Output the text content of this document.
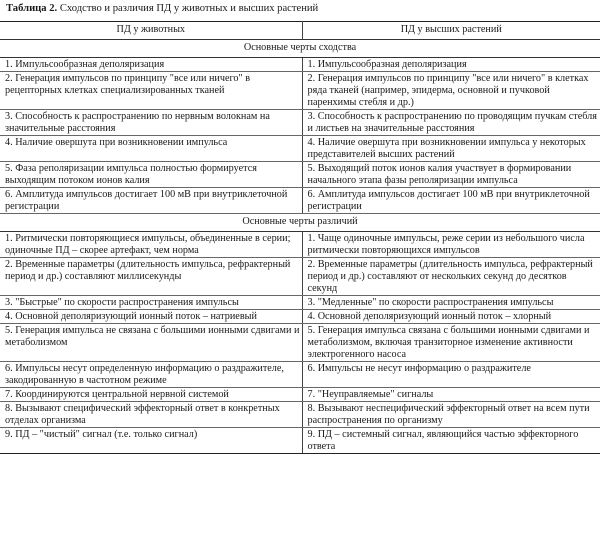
Таблица 2. Сходство и различия ПД у животных и высших растений
ПД у животных	ПД у высших растений
Основные черты сходства	
1. Импульсообразная деполяризация	1. Импульсообразная деполяризация
2. Генерация импульсов по принципу "все или ничего" в рецепторных клетках специализированных тканей	2. Генерация импульсов по принципу "все или ничего" в клетках ряда тканей (например, эпидерма, основной и пучковой паренхимы стебля и др.)
3. Способность к распространению по нервным волокнам на значительные расстояния	3. Способность к распространению по проводящим пучкам стебля и листьев на значительные расстояния
4. Наличие овершута при возникновении импульса	4. Наличие овершута при возникновении импульса у некоторых представителей высших растений
5. Фаза реполяризации импульса полностью формируется выходящим потоком ионов калия	5. Выходящий поток ионов калия участвует в формировании начального этапа фазы реполяризации импульса
6. Амплитуда импульсов достигает 100 мВ при внутриклеточной регистрации	6. Амплитуда импульсов достигает 100 мВ при внутриклеточной регистрации
Основные черты различий	
1. Ритмически повторяющиеся импульсы, объединенные в серии; одиночные ПД – скорее артефакт, чем норма	1. Чаще одиночные импульсы, реже серии из небольшого числа ритмически повторяющихся импульсов
2. Временные параметры (длительность импульса, рефрактерный период и др.) составляют миллисекунды	2. Временные параметры (длительность импульса, рефрактерный период и др.) составляют от нескольких секунд до десятков секунд
3. "Быстрые" по скорости распространения импульсы	3. "Медленные" по скорости распространения импульсы
4. Основной деполяризующий ионный поток – натриевый	4. Основной деполяризующий ионный поток – хлорный
5. Генерация импульса не связана с большими ионными сдвигами и метаболизмом	5. Генерация импульса связана с большими ионными сдвигами и метаболизмом, включая транзиторное изменение активности электрогенного насоса
6. Импульсы несут определенную информацию о раздражителе, закодированную в частотном режиме	6. Импульсы не несут информацию о раздражителе
7. Координируются центральной нервной системой	7. "Неуправляемые" сигналы
8. Вызывают специфический эффекторный ответ в конкретных отделах организма	8. Вызывают неспецифический эффекторный ответ на всем пути распространения по организму
9. ПД – "чистый" сигнал (т.е. только сигнал)	9. ПД – системный сигнал, являющийся частью эффекторного ответа
